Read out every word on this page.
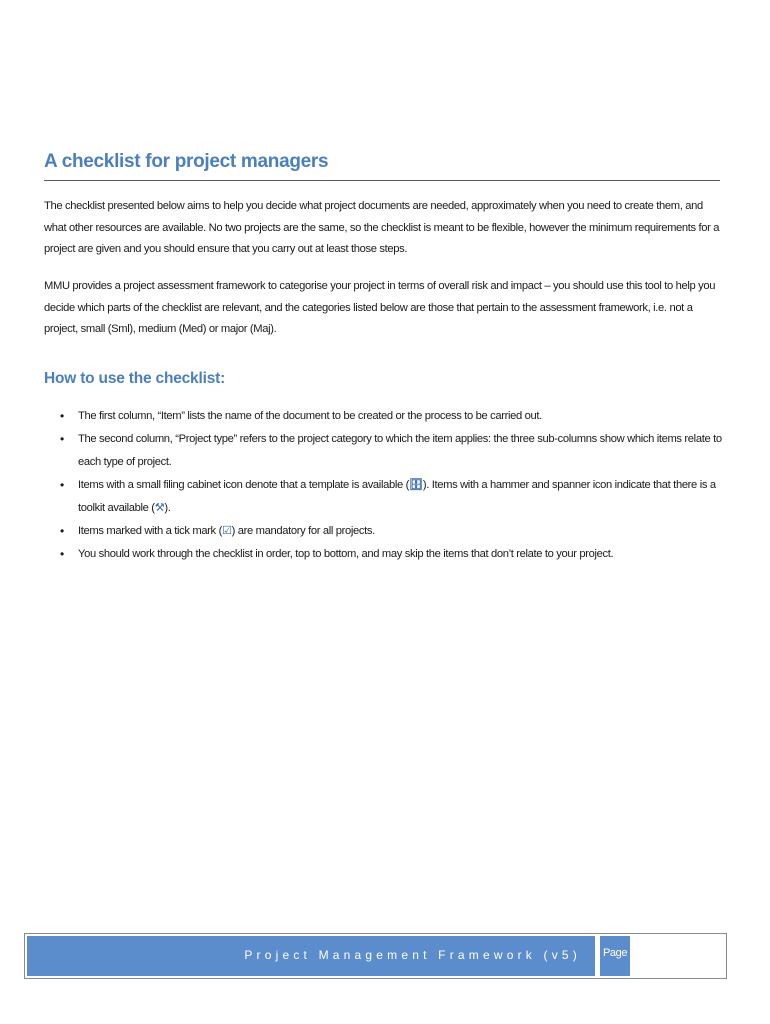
A checklist for project managers
The checklist presented below aims to help you decide what project documents are needed, approximately when you need to create them, and what other resources are available. No two projects are the same, so the checklist is meant to be flexible, however the minimum requirements for a project are given and you should ensure that you carry out at least those steps.
MMU provides a project assessment framework to categorise your project in terms of overall risk and impact – you should use this tool to help you decide which parts of the checklist are relevant, and the categories listed below are those that pertain to the assessment framework, i.e. not a project, small (Sml), medium (Med) or major (Maj).
How to use the checklist:
• The first column, “Item” lists the name of the document to be created or the process to be carried out.
• The second column, “Project type” refers to the project category to which the item applies: the three sub-columns show which items relate to each type of project.
• Items with a small filing cabinet icon denote that a template is available (🗄). Items with a hammer and spanner icon indicate that there is a toolkit available (⚒).
• Items marked with a tick mark (☑) are mandatory for all projects.
• You should work through the checklist in order, top to bottom, and may skip the items that don’t relate to your project.
Project Management Framework (v5) Page 1
